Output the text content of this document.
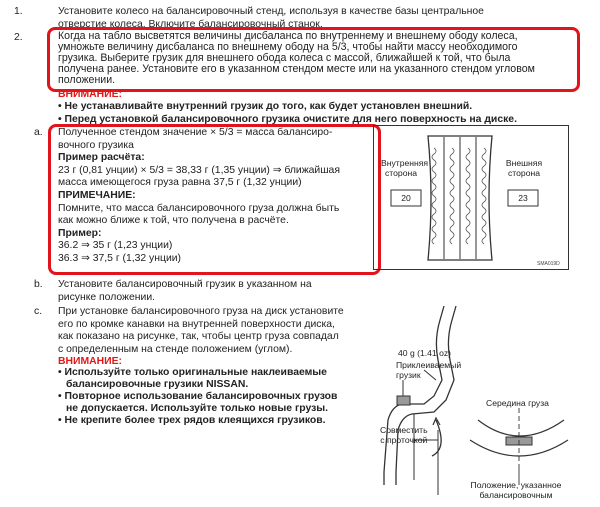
1.	Установите колесо на балансировочный стенд, используя в качестве базы центральное
отверстие колеса. Включите балансировочный станок.
2.	Когда на табло высветятся величины дисбаланса по внутреннему и внешнему ободу колеса,
умножьте величину дисбаланса по внешнему ободу на 5/3, чтобы найти массу необходимого
грузика. Выберите грузик для внешнего обода колеса с массой, ближайшей к той, что была
получена ранее. Установите его в указанном стендом месте или на указанного стендом угловом
положении.
ВНИМАНИЕ:
• Не устанавливайте внутренний грузик до того, как будет установлен внешний.
• Перед установкой балансировочного грузика очистите для него поверхность на диске.
a. Полученное стендом значение × 5/3 = масса балансиро-
вочного грузика
Пример расчёта:
23 г (0,81 унции) × 5/3 = 38,33 г (1,35 унции) ⇒ ближайшая
масса имеющегося груза равна 37,5 г (1,32 унции)
ПРИМЕЧАНИЕ:
Помните, что масса балансировочного груза должна быть
как можно ближе к той, что получена в расчёте.
Пример:
36.2 ⇒ 35 г (1,23 унции)
36.3 ⇒ 37,5 г (1,32 унции)
Внутренняя
сторона
Внешняя
сторона
20	23
SMA019D
b. Установите балансировочный грузик в указанном на
рисунке положении.
c. При установке балансировочного груза на диск установите
его по кромке канавки на внутренней поверхности диска,
как показано на рисунке, так, чтобы центр груза совпадал
с определенным на стенде положением (углом).
ВНИМАНИЕ:
• Используйте только оригинальные наклеиваемые
балансировочные грузики NISSAN.
• Повторное использование балансировочных грузов
не допускается. Используйте только новые грузы.
• Не крепите более трех рядов клеящихся грузиков.
40 g (1.41 oz)
Приклеиваемый
грузик
Совместить
с проточкой
Середина груза
Положение, указанное
балансировочным
